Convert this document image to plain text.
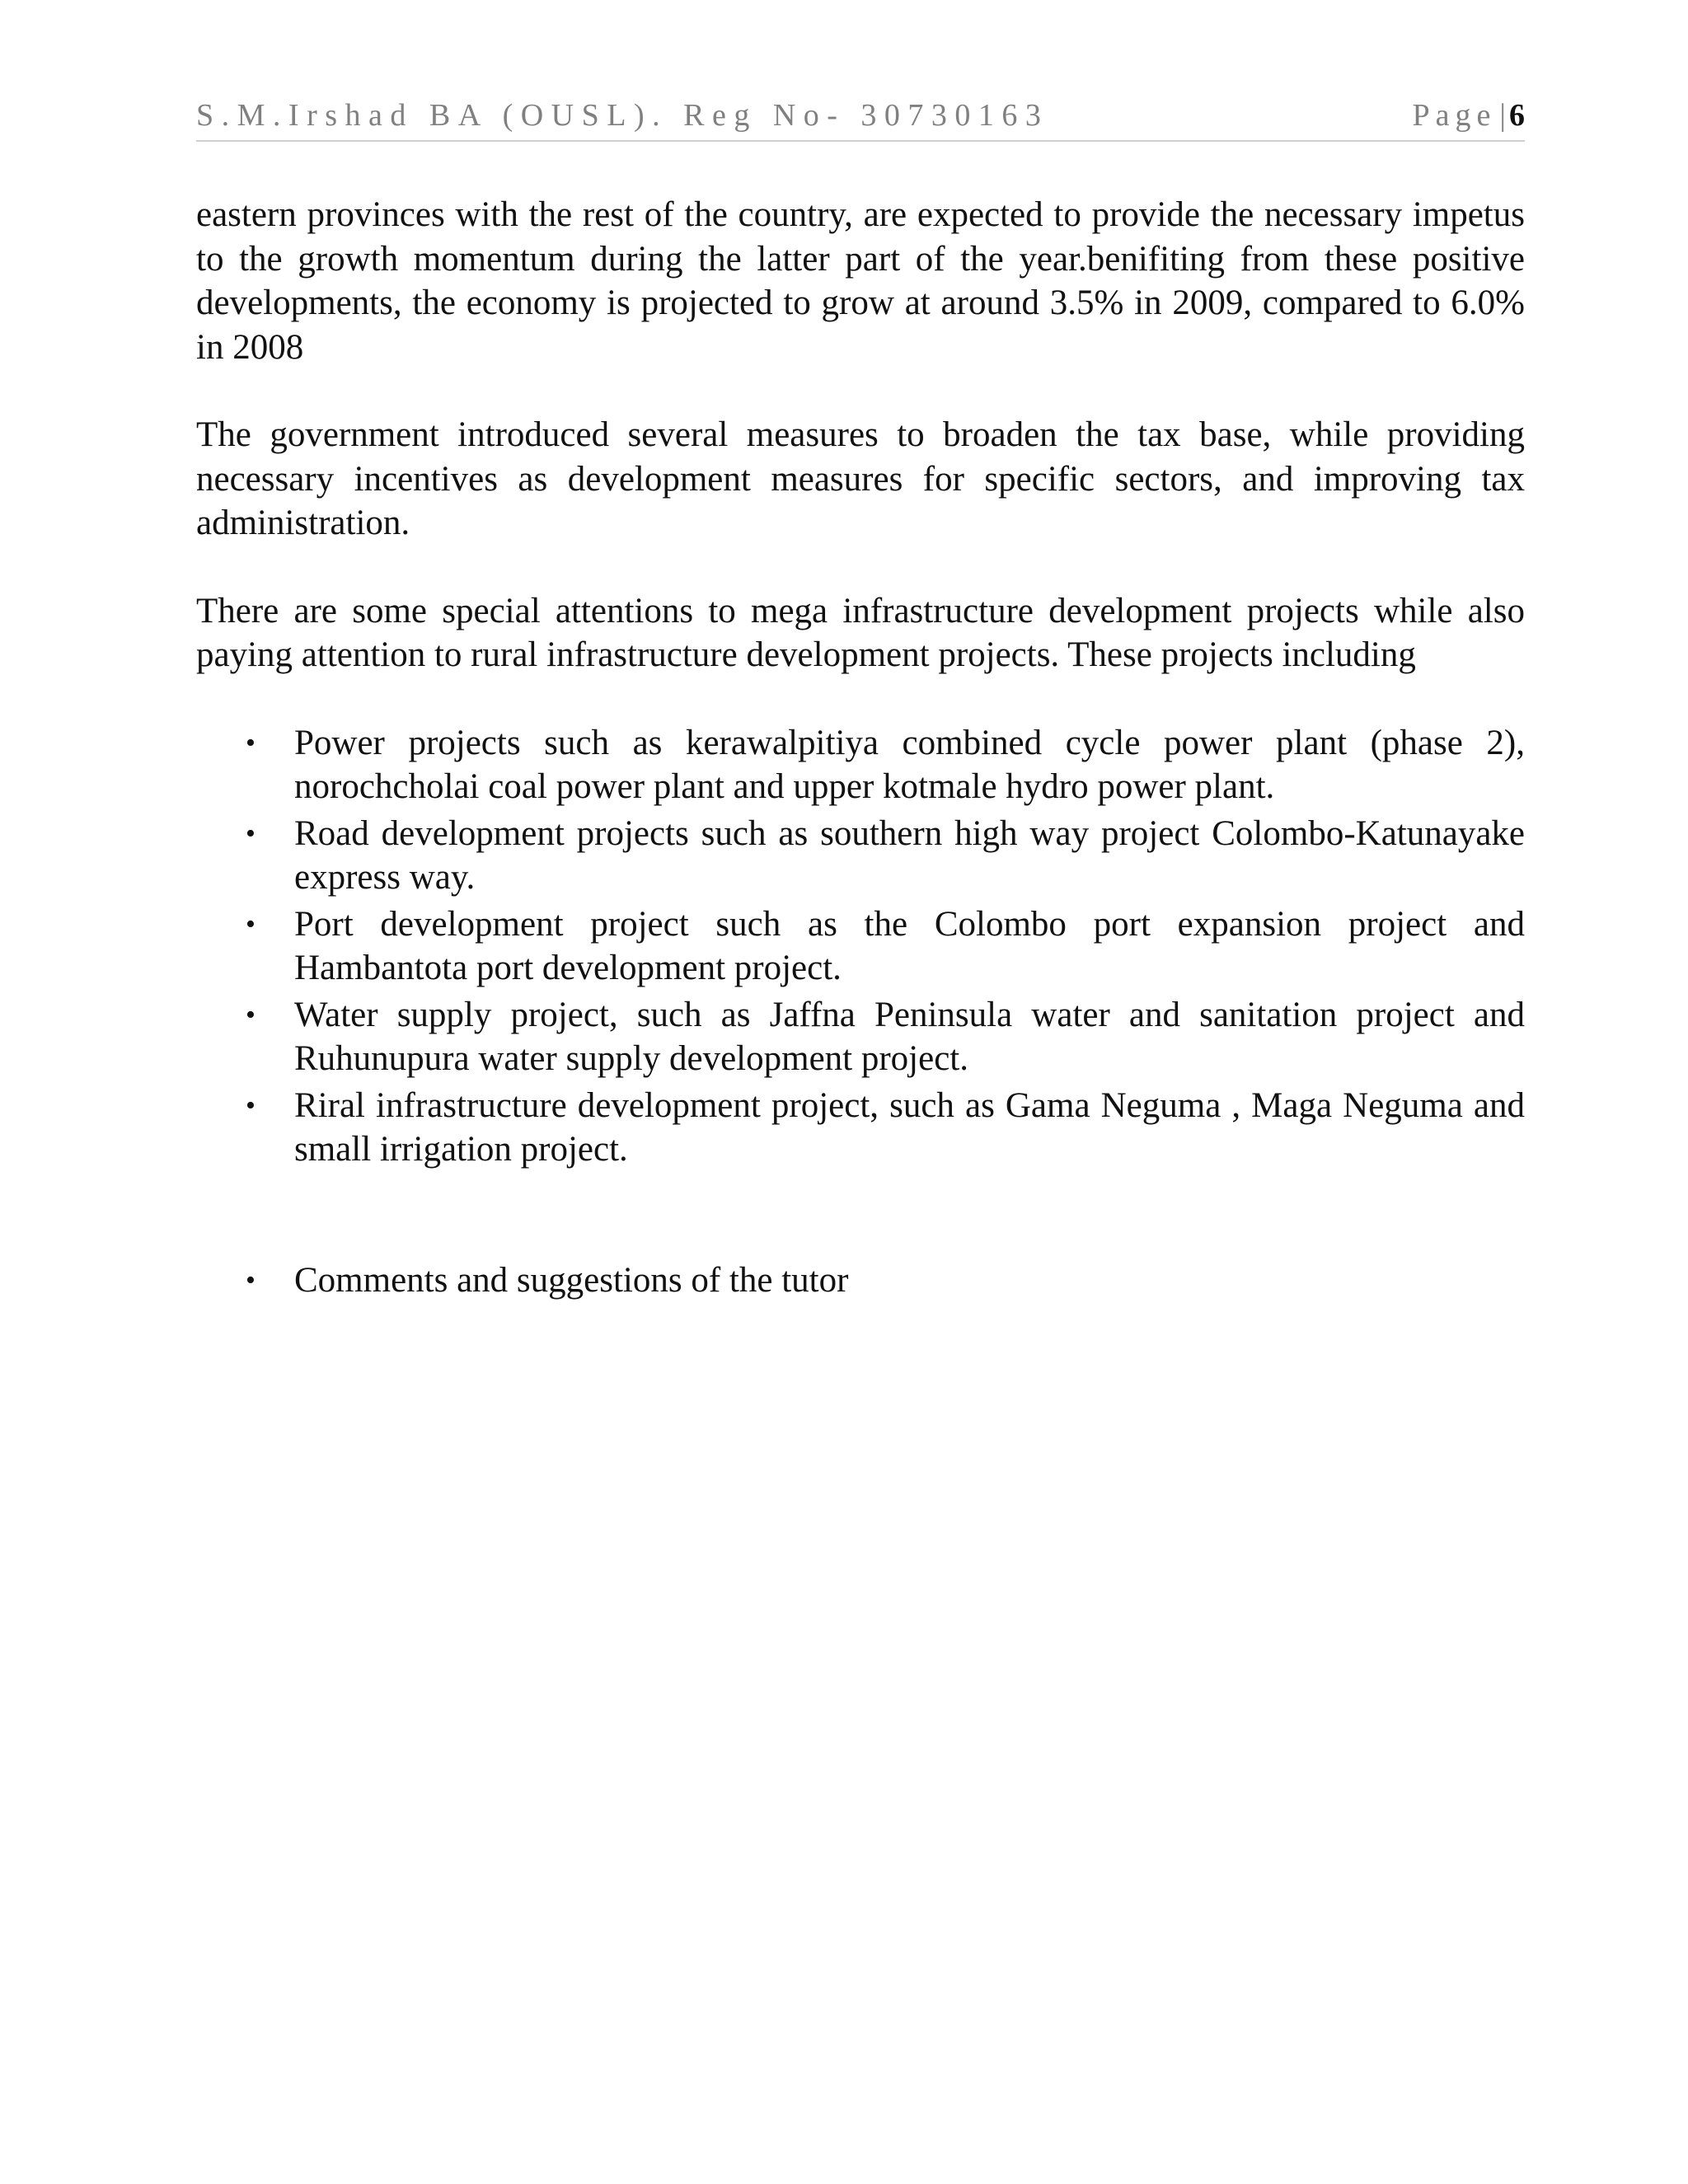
S.M.Irshad BA (OUSL). Reg No- 30730163	Page | 6

eastern provinces with the rest of the country, are expected to provide the necessary impetus to the growth momentum during the latter part of the year.benifiting from these positive developments, the economy is projected to grow at around 3.5% in 2009, compared to 6.0% in 2008

The government introduced several measures to broaden the tax base, while providing necessary incentives as development measures for specific sectors, and improving tax administration.

There are some special attentions to mega infrastructure development projects while also paying attention to rural infrastructure development projects. These projects including

• Power projects such as kerawalpitiya combined cycle power plant (phase 2), norochcholai coal power plant and upper kotmale hydro power plant.
• Road development projects such as southern high way project Colombo-Katunayake express way.
• Port development project such as the Colombo port expansion project and Hambantota port development project.
• Water supply project, such as Jaffna Peninsula water and sanitation project and Ruhunupura water supply development project.
• Riral infrastructure development project, such as Gama Neguma , Maga Neguma and small irrigation project.
• Comments and suggestions of the tutor
